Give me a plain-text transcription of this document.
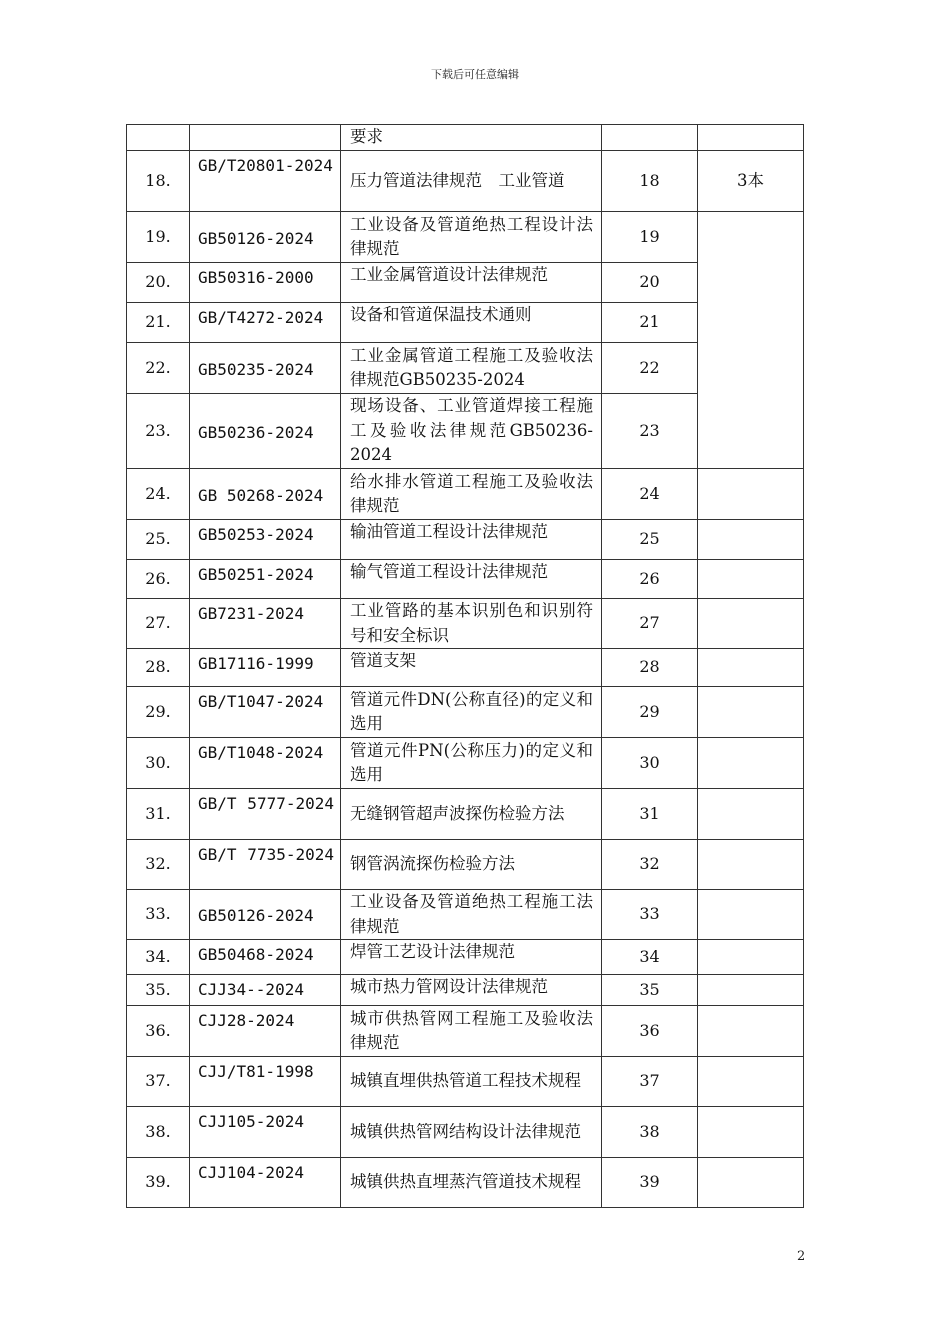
下载后可任意编辑
		要求		
18.	GB/T20801-2024	压力管道法律规范　工业管道	18	3本
19.	GB50126-2024	工业设备及管道绝热工程设计法律规范	19	
20.	GB50316-2000	工业金属管道设计法律规范	20	
21.	GB/T4272-2024	设备和管道保温技术通则	21	
22.	GB50235-2024	工业金属管道工程施工及验收法律规范GB50235-2024	22	
23.	GB50236-2024	现场设备、工业管道焊接工程施工及验收法律规范GB50236-2024	23	
24.	GB 50268-2024	给水排水管道工程施工及验收法律规范	24	
25.	GB50253-2024	输油管道工程设计法律规范	25	
26.	GB50251-2024	输气管道工程设计法律规范	26	
27.	GB7231-2024	工业管路的基本识别色和识别符号和安全标识	27	
28.	GB17116-1999	管道支架	28	
29.	GB/T1047-2024	管道元件DN(公称直径)的定义和选用	29	
30.	GB/T1048-2024	管道元件PN(公称压力)的定义和选用	30	
31.	GB/T 5777-2024	无缝钢管超声波探伤检验方法	31	
32.	GB/T 7735-2024	钢管涡流探伤检验方法	32	
33.	GB50126-2024	工业设备及管道绝热工程施工法律规范	33	
34.	GB50468-2024	焊管工艺设计法律规范	34	
35.	CJJ34--2024	城市热力管网设计法律规范	35	
36.	CJJ28-2024	城市供热管网工程施工及验收法律规范	36	
37.	CJJ/T81-1998	城镇直埋供热管道工程技术规程	37	
38.	CJJ105-2024	城镇供热管网结构设计法律规范	38	
39.	CJJ104-2024	城镇供热直埋蒸汽管道技术规程	39	
2
